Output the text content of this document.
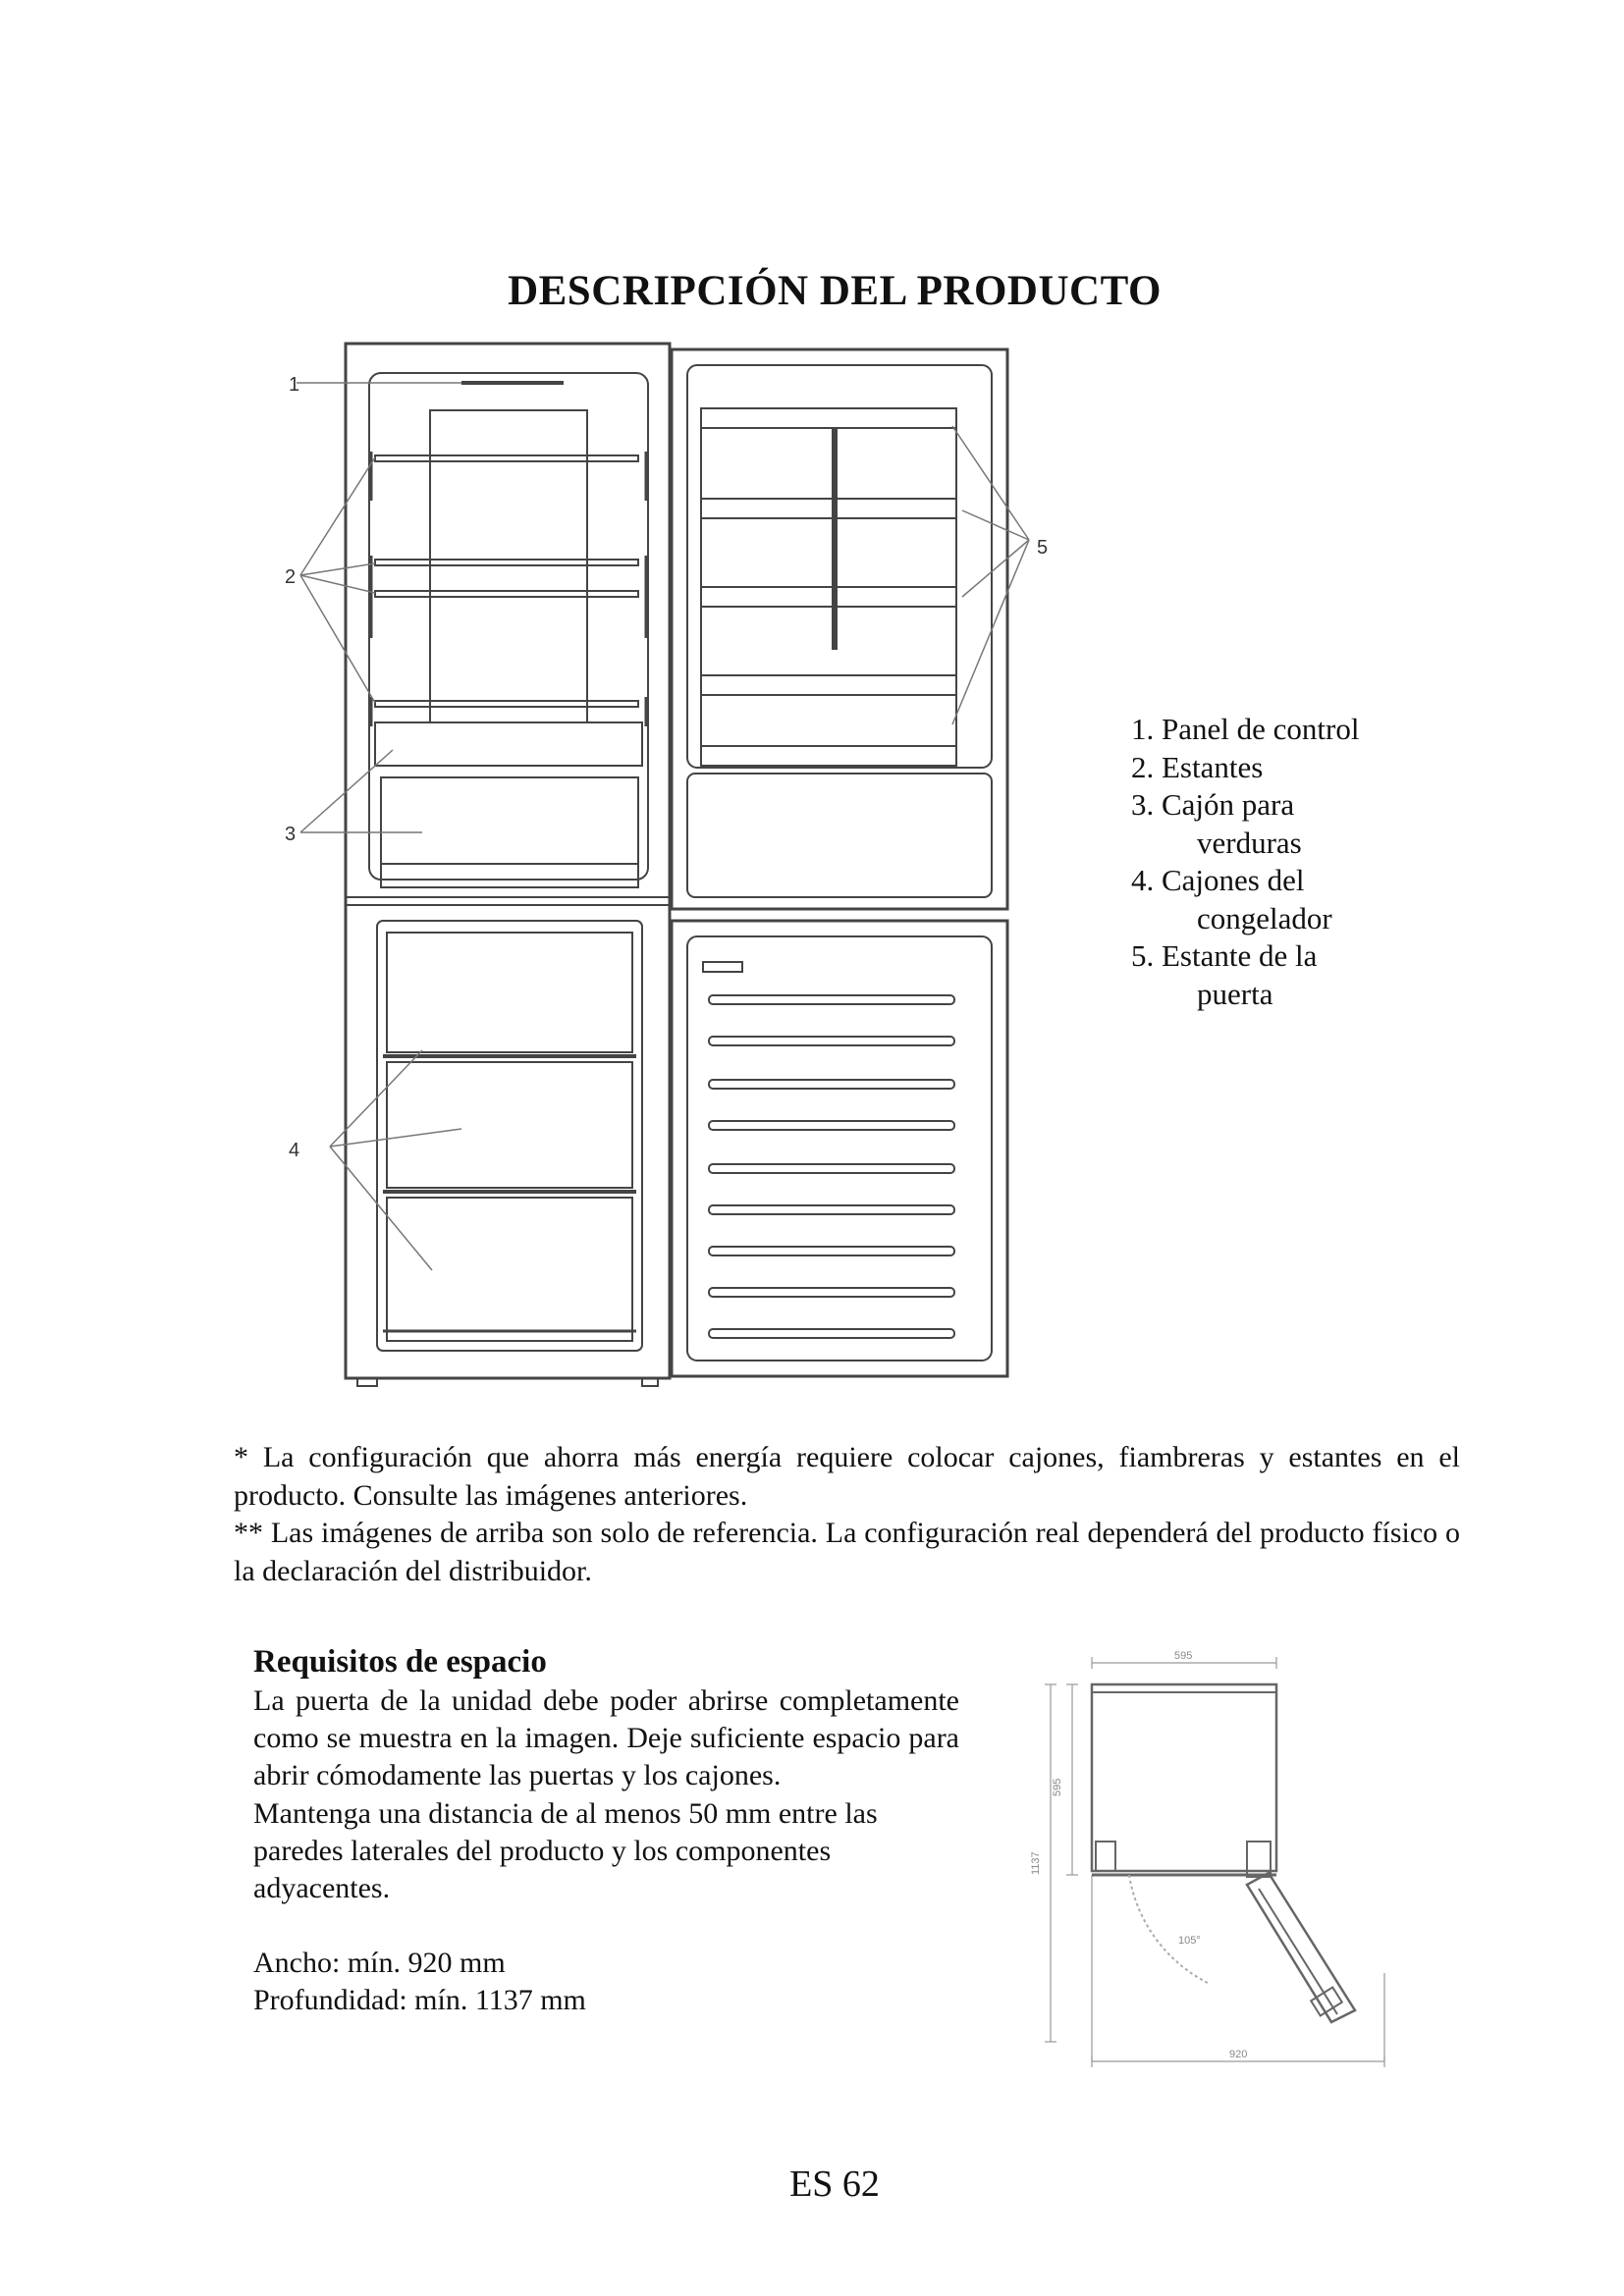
DESCRIPCIÓN DEL PRODUCTO
1
2
3
4
5
1. Panel de control
2. Estantes
3. Cajón para
verduras
4. Cajones del
congelador
5. Estante de la
puerta

* La configuración que ahorra más energía requiere colocar cajones, fiambreras y estantes en el producto. Consulte las imágenes anteriores.

** Las imágenes de arriba son solo de referencia. La configuración real dependerá del producto físico o la declaración del distribuidor.

Requisitos de espacio

La puerta de la unidad debe poder abrirse completamente como se muestra en la imagen. Deje suficiente espacio para abrir cómodamente las puertas y los cajones.

Mantenga una distancia de al menos 50 mm entre las paredes laterales del producto y los componentes adyacentes.

Ancho: mín. 920 mm

Profundidad: mín. 1137 mm

595
595
1137
920
105°
ES 62
